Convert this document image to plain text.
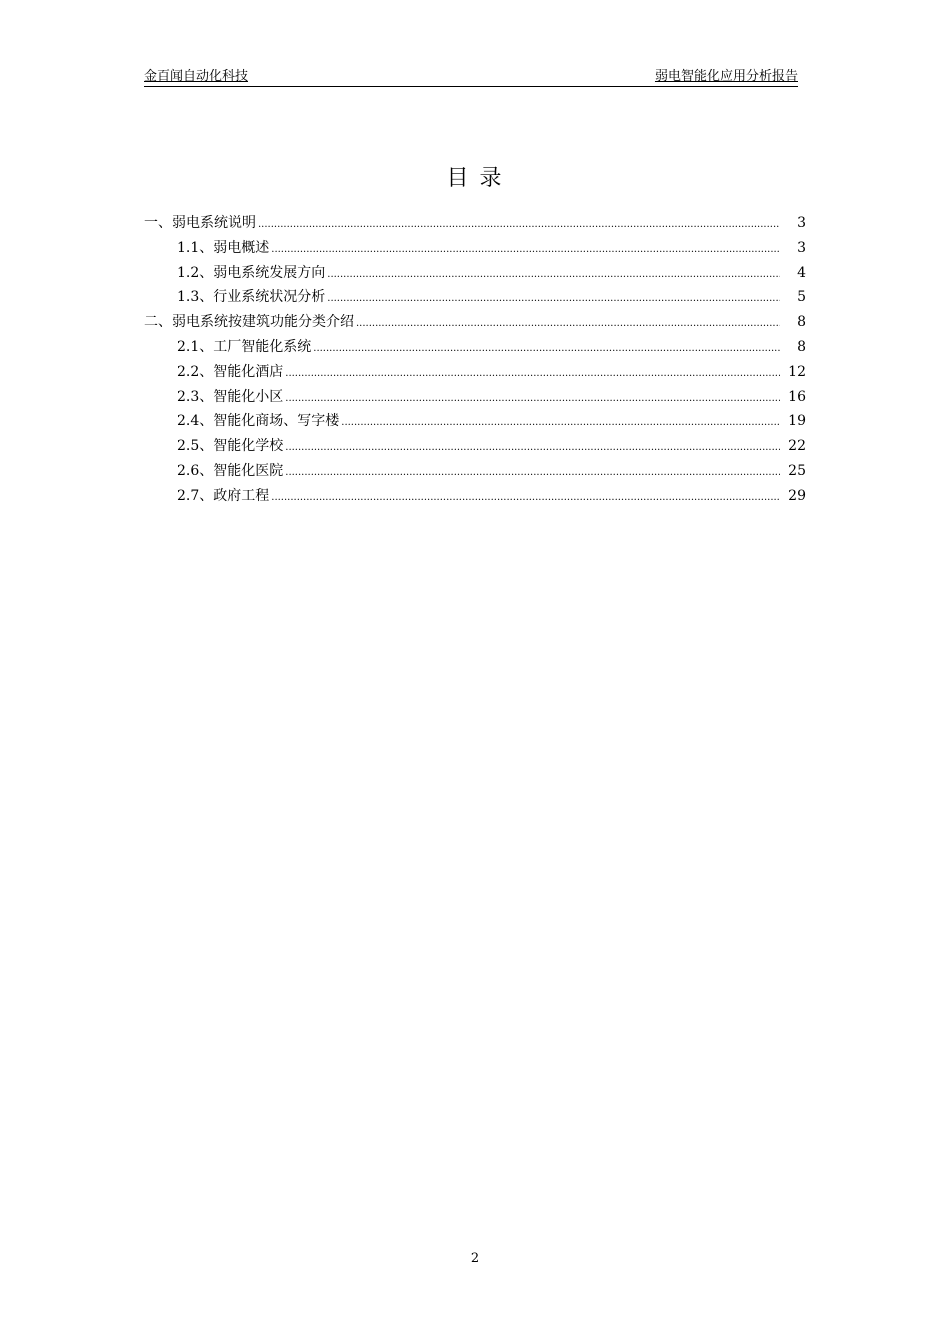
金百闻自动化科技	弱电智能化应用分析报告
目 录
一、弱电系统说明 .....	3
1.1、弱电概述 .....	3
1.2、弱电系统发展方向 .....	4
1.3、行业系统状况分析 .....	5
二、弱电系统按建筑功能分类介绍 .....	8
2.1、工厂智能化系统 .....	8
2.2、智能化酒店 .....	12
2.3、智能化小区 .....	16
2.4、智能化商场、写字楼 .....	19
2.5、智能化学校 .....	22
2.6、智能化医院 .....	25
2.7、政府工程 .....	29
2
